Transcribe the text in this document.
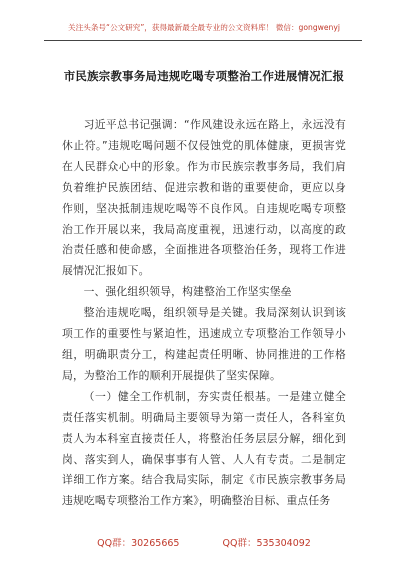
关注头条号“公文研究”，获得最新最全最专业的公文资料库！ 微信：gongwenyj
市民族宗教事务局违规吃喝专项整治工作进展情况汇报

习近平总书记强调：“作风建设永远在路上，永远没有休止符。”违规吃喝问题不仅侵蚀党的肌体健康，更损害党在人民群众心中的形象。作为市民族宗教事务局，我们肩负着维护民族团结、促进宗教和谐的重要使命，更应以身作则，坚决抵制违规吃喝等不良作风。自违规吃喝专项整治工作开展以来，我局高度重视，迅速行动，以高度的政治责任感和使命感，全面推进各项整治任务，现将工作进展情况汇报如下。

一、强化组织领导，构建整治工作坚实堡垒

整治违规吃喝，组织领导是关键。我局深刻认识到该项工作的重要性与紧迫性，迅速成立专项整治工作领导小组，明确职责分工，构建起责任明晰、协同推进的工作格局，为整治工作的顺利开展提供了坚实保障。

（一）健全工作机制，夯实责任根基。一是建立健全责任落实机制。明确局主要领导为第一责任人，各科室负责人为本科室直接责任人，将整治任务层层分解，细化到岗、落实到人，确保事事有人管、人人有专责。二是制定详细工作方案。结合我局实际，制定《市民族宗教事务局违规吃喝专项整治工作方案》，明确整治目标、重点任务

QQ群：30265665	QQ群：535304092
